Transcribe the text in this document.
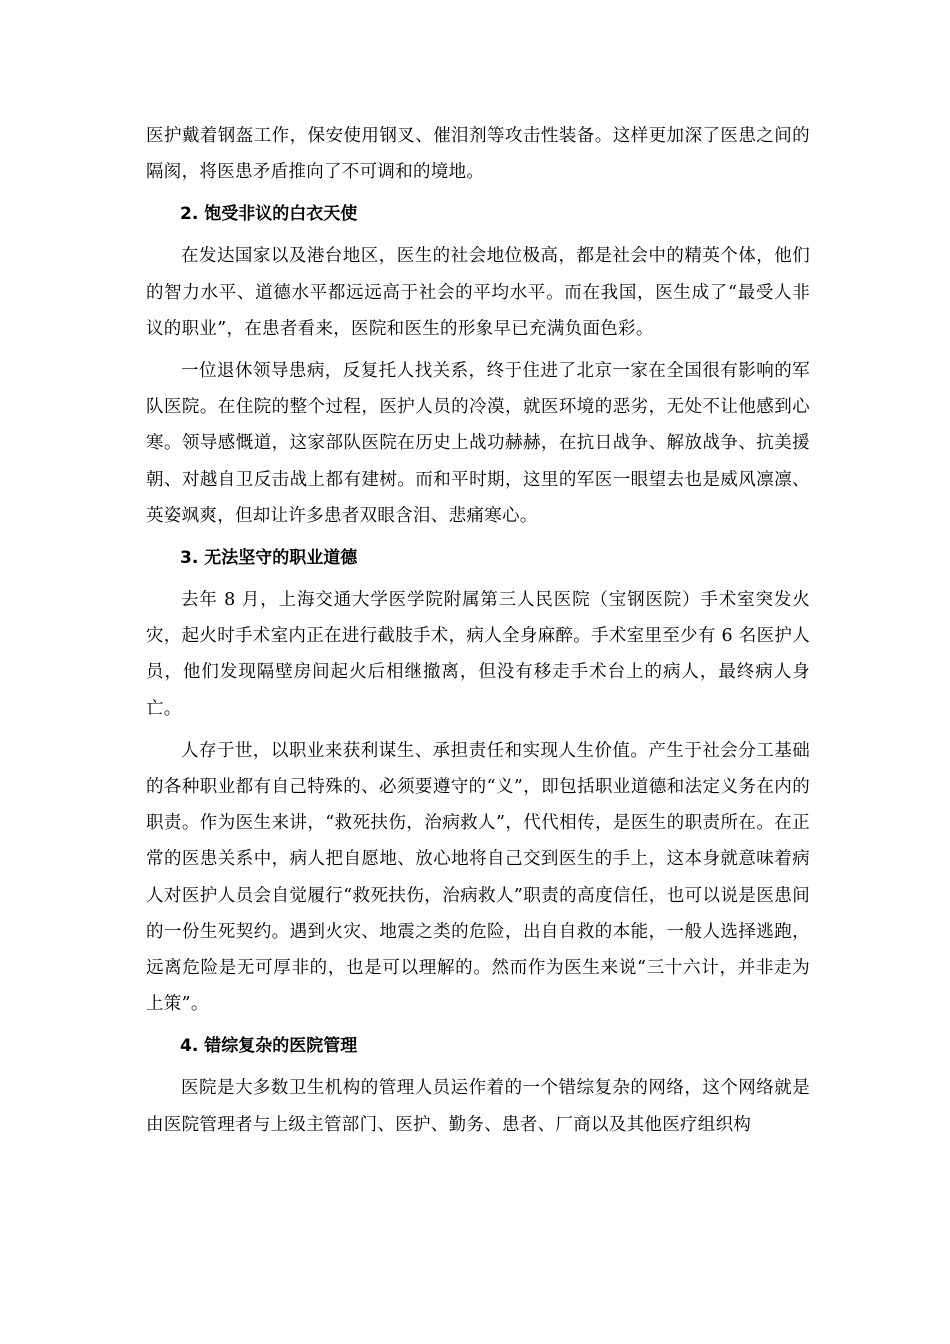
医护戴着钢盔工作，保安使用钢叉、催泪剂等攻击性装备。这样更加深了医患之间的隔阂，将医患矛盾推向了不可调和的境地。

2. 饱受非议的白衣天使

在发达国家以及港台地区，医生的社会地位极高，都是社会中的精英个体，他们的智力水平、道德水平都远远高于社会的平均水平。而在我国，医生成了“最受人非议的职业”，在患者看来，医院和医生的形象早已充满负面色彩。

一位退休领导患病，反复托人找关系，终于住进了北京一家在全国很有影响的军队医院。在住院的整个过程，医护人员的冷漠，就医环境的恶劣，无处不让他感到心寒。领导感慨道，这家部队医院在历史上战功赫赫，在抗日战争、解放战争、抗美援朝、对越自卫反击战上都有建树。而和平时期，这里的军医一眼望去也是威风凛凛、英姿飒爽，但却让许多患者双眼含泪、悲痛寒心。

3. 无法坚守的职业道德

去年 8 月，上海交通大学医学院附属第三人民医院（宝钢医院）手术室突发火灾，起火时手术室内正在进行截肢手术，病人全身麻醉。手术室里至少有 6 名医护人员，他们发现隔壁房间起火后相继撤离，但没有移走手术台上的病人，最终病人身亡。

人存于世，以职业来获利谋生、承担责任和实现人生价值。产生于社会分工基础的各种职业都有自己特殊的、必须要遵守的“义”，即包括职业道德和法定义务在内的职责。作为医生来讲，“救死扶伤，治病救人”，代代相传，是医生的职责所在。在正常的医患关系中，病人把自愿地、放心地将自己交到医生的手上，这本身就意味着病人对医护人员会自觉履行“救死扶伤，治病救人”职责的高度信任，也可以说是医患间的一份生死契约。遇到火灾、地震之类的危险，出自自救的本能，一般人选择逃跑，远离危险是无可厚非的，也是可以理解的。然而作为医生来说“三十六计，并非走为上策”。

4. 错综复杂的医院管理

医院是大多数卫生机构的管理人员运作着的一个错综复杂的网络，这个网络就是由医院管理者与上级主管部门、医护、勤务、患者、厂商以及其他医疗组织构
